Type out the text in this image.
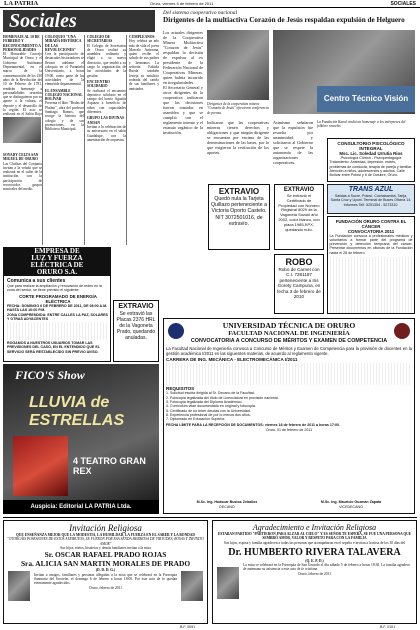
LA PATRIA	Oruro, viernes 4 de febrero de 2011	SOCIALES
Sociales
HOMENAJE AL 10 DE FEBRERO Y RECONOCIMIENTO A PERSONALIDADES
El Honorable Concejo Municipal de Oruro y el Gobierno Autónomo Departamental, en el marco de la conmemoración de los 230 años de la Revolución del 10 de Febrero de 1781, rendirán homenaje a personalidades orureñas que se distinguieron por su aporte a la cultura, el deporte y el desarrollo de la región. El acto se realizará en el Salón Rojo
SOYADY CELTA SAN MIGUEL DE ORURO
Las Cholitas del Conjunto invitan a la velada que se realizará en el salón de la institución, con la participación de reconocidos grupos musicales del medio.
COLOQUIO "UNA MIRADA HISTÓRICA DE LAS REVOLUCIONES"
Con la participación de destacados historiadores se llevará adelante el coloquio en el Paraninfo Universitario, a horas 19:00, como parte de las actividades de la efeméride departamental.
EL ENSAMBLE COLEGIO NACIONAL BOLÍVAR
Presenta el libro "Bodas de Platino", obra del profesor Santiago Ramos, que recoge la historia del colegio y de sus promociones, en la Biblioteca Municipal.
COLEGIO DE SECRETARIAS
El Colegio de Secretarias de Oruro realizó su asamblea ordinaria y eligió a su nuevo directorio, que tendrá a su cargo la organización de las actividades de la gestión.
ENCUENTRO SOLIDARIO
Se realizará el encuentro deportivo solidario en el campo del barrio Agustín Aspiazu a beneficio de niños con capacidades diferentes.
GRUPO LAS DIVINAS ANDAN
Invitan a la celebración de su aniversario en el salón Guadalupe, con la amenización de orquestas.
CUMPLEAÑOS
Hoy celebra un año más de vida el joven Marcelo Antezana, quien recibe el saludo de sus padres y hermanos. La señorita Fabiola Rueda también festeja su natalicio rodeada del cariño de sus familiares y amistades.
EXTRAVIO
Se extravió las Placas 2376 HRL de la Vagoneta Prado, quedando anuladas.
EMPRESA DE
LUZ Y FUERZA
ELÉCTRICA DE
ORURO S.A.
Comunica a sus clientes
Que para realizar la ampliación y renovación de redes en la zona del sector, se tiene previsto el siguiente:
CORTE PROGRAMADO DE ENERGÍA ELÉCTRICA
FECHA: DOMINGO 6 DE FEBRERO DE 2011, DE 08:00 A.M. HASTA LAS 16:00 P.M.
ZONA COMPRENDIDA: ENTRE CALLES LA PAZ, SOLARES Y OTRAS ADYACENTES
ROGAMOS A NUESTROS USUARIOS TOMAR LAS PREVISIONES DEL CASO, EN EL ENTENDIDO QUE EL SERVICIO SERÁ RESTABLECIDO SIN PREVIO AVISO.
FICO'S Show
LLUVIA de ESTRELLAS
4 TEATRO GRAN REX
Auspicia: Editorial LA PATRIA Ltda.
Del sistema cooperativo nacional
Dirigentes de la multiactiva Corazón de Jesús respaldan expulsión de Helguero
Los actuales dirigentes de la Cooperativa Minera Multiactiva "Corazón de Jesús" respaldan la decisión de expulsar al ex presidente de la Federación Nacional de Cooperativas Mineras, quien habría incurrido en irregularidades.
El Secretario General y otros dirigentes de la cooperativa indicaron que las decisiones fueron tomadas en asamblea y que se cumplió con el reglamento interno y el estatuto orgánico de la institución.
Dirigentes de la cooperativa minera "Corazón de Jesús" ofrecieron conferencia de prensa.
Indicaron que las cooperativas mineras tienen derechos y obligaciones y que ningún dirigente se encuentra por encima de las determinaciones de las bases, por lo que exigieron la restitución de los aportes.
Asimismo señalaron que la expulsión fue resuelta por unanimidad, y solicitaron al Gobierno que se respete la autonomía de las organizaciones cooperativas.
La Fundación Kanal rindió un homenaje a los intérpretes del folklore orureño.
Centro Técnico Visión
EXTRAVIO
Quedó nula la Tarjeta Quillazo perteneciente a Victoria Oporto Castelo. NIT 3072501016, de extravío.
EXTRAVIO
Se extravió el Certificado de Propiedad con Número Registral 8029 de la Vagoneta Suzuki año 2002, color blanco, con placa 1985-KPX, quedando nulo.
ROBO
Robo de Carnet con C.I. 7281187 perteneciente a Iris Gorety Campuna, en fecha 3 de febrero de 2010
CONSULTORIO PSICOLÓGICO INTEGRAL
Msc. Lic. Soledad Urrutia Rios
Psicología Clínica - Psicopedagogía
Tratamiento: Ansiedad, depresión, estrés, problemas de conducta, terapia de pareja y familiar. Atención a niños, adolescentes y adultos. Calle Bolívar entre Potosí y 6 de Octubre, Oruro.
TRANS AZUL
Salidas a Sucre, Potosí, Cochabamba, Tarija, Santa Cruz y Uyuni. Terminal de Buses Oficina 14. Informes Telf. 5251354 - 5273310.
FUNDACIÓN ORURO CONTRA EL CÁNCER
CONVOCATORIA 2011
La Fundación convoca a profesionales médicos y voluntarios a formar parte del programa de prevención y detección temprana del cáncer. Presentar documentos en oficinas de la Fundación hasta el 28 de febrero.
UNIVERSIDAD TÉCNICA DE ORURO
FACULTAD NACIONAL DE INGENIERÍA
CONVOCATORIA A CONCURSO DE MÉRITOS Y EXAMEN DE COMPETENCIA
La Facultad Nacional de Ingeniería convoca a Concurso de Méritos y Examen de Competencia para la provisión de docentes en la gestión académica I/2011 en las siguientes materias, de acuerdo al reglamento vigente.
CARRERA DE ING. MECÁNICA - ELECTROMECÁNICA I/2011
REQUISITOS
1. Solicitud escrita dirigida al Sr. Decano de la Facultad.
2. Fotocopia legalizada del título de Licenciatura en provisión nacional.
3. Fotocopia legalizada del Diploma Académico.
4. Currículum vitae documentado en original y fotocopia.
5. Certificado de no tener deudas con la Universidad.
6. Experiencia profesional de por lo menos dos años.
7. Diplomado en Educación Superior.
FECHA LÍMITE PARA LA RECEPCIÓN DE DOCUMENTOS: viernes 18 de febrero de 2011 a horas 17:00.
Oruro, 01 de febrero de 2011
M.Sc. Ing. Huáscar Bustos Zeballos
DECANO
M.Sc. Ing. Mauricio Guzmán Zapata
VICEDECANO
Invitación Religiosa
QUE ENSEÑANZA MEJOR QUE LA MODESTIA, LA HUMILDAD, LA FUERZA EN EL SABER Y LA BONDAD
"OTORGÁIS POSESIONES DE ESTOS ATRIBUTOS, SE FUERON POR ESA SENDA HERMOSA DE VIRTUDES, ROSAS Y INFINITO AMOR"
Sus hijos, nietos, bisnietos y demás familiares invitan a la misa
Sr. OSCAR RAFAEL PRADO ROJAS
Sra. ALICIA SAN MARTIN MORALES DE PRADO
(D. D. D. G.)
Invitan a amigos, familiares y personas allegadas a la misa que se celebrará en la Parroquia Santuario del Socavón, el domingo 6 de febrero a horas 18:00. Por este acto de fe quedan eternamente agradecidos.
Oruro, febrero de 2011
Agradecimiento e Invitación Religiosa
ESTABAN PARTIDO "PARTIERON PARA ALZAR AL CIELO" Y ES SEÑOR TE ESPERA, SE FUE UNA PERSONA QUE SEMBRÓ AMOR, VALOR Y RESPETO PARA CON LA FAMILIA
Sus hijos, esposa y familia agradecen a todas las personas que acompañaron en el sepelio e invitan a la misa de los 30 días del
Dr. HUMBERTO RIVERA TALAVERA
(Q. E. P. D.)
La misa se celebrará en la Parroquia de San Gerardo el día sábado 5 de febrero a horas 18:30. La familia agradece de antemano su asistencia a este acto de fe cristiana.
Oruro, febrero de 2011
B.F. 0091	B.F. 0101
